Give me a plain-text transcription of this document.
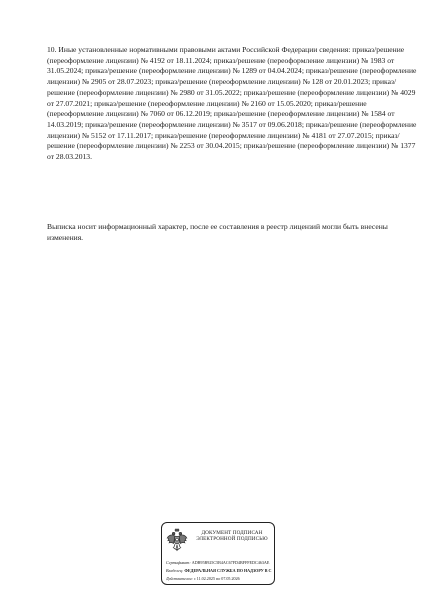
10. Иные установленные нормативными правовыми актами Российской Федерации сведения: приказ/решение (переоформление лицензии) № 4192 от 18.11.2024; приказ/решение (переоформление лицензии) № 1983 от 31.05.2024; приказ/решение (переоформление лицензии) № 1289 от 04.04.2024; приказ/решение (переоформление лицензии) № 2905 от 28.07.2023; приказ/решение (переоформление лицензии) № 128 от 20.01.2023; приказ/решение (переоформление лицензии) № 2980 от 31.05.2022; приказ/решение (переоформление лицензии) № 4029 от 27.07.2021; приказ/решение (переоформление лицензии) № 2160 от 15.05.2020; приказ/решение (переоформление лицензии) № 7060 от 06.12.2019; приказ/решение (переоформление лицензии) № 1584 от 14.03.2019; приказ/решение (переоформление лицензии) № 3517 от 09.06.2018; приказ/решение (переоформление лицензии) № 5152 от 17.11.2017; приказ/решение (переоформление лицензии) № 4181 от 27.07.2015; приказ/решение (переоформление лицензии) № 2253 от 30.04.2015; приказ/решение (переоформление лицензии) № 1377 от 28.03.2013.

Выписка носит информационный характер, после ее составления в реестр лицензий могли быть внесены изменения.

ДОКУМЕНТ ПОДПИСАН
ЭЛЕКТРОННОЙ ПОДПИСЬЮ
Сертификат: ADB95B925C5B4AC67FD4BFFFEDC463AE
Владелец: ФЕДЕРАЛЬНАЯ СЛУЖБА ПО НАДЗОРУ В С
Действителен: с 11.02.2025 по 07.05.2026
